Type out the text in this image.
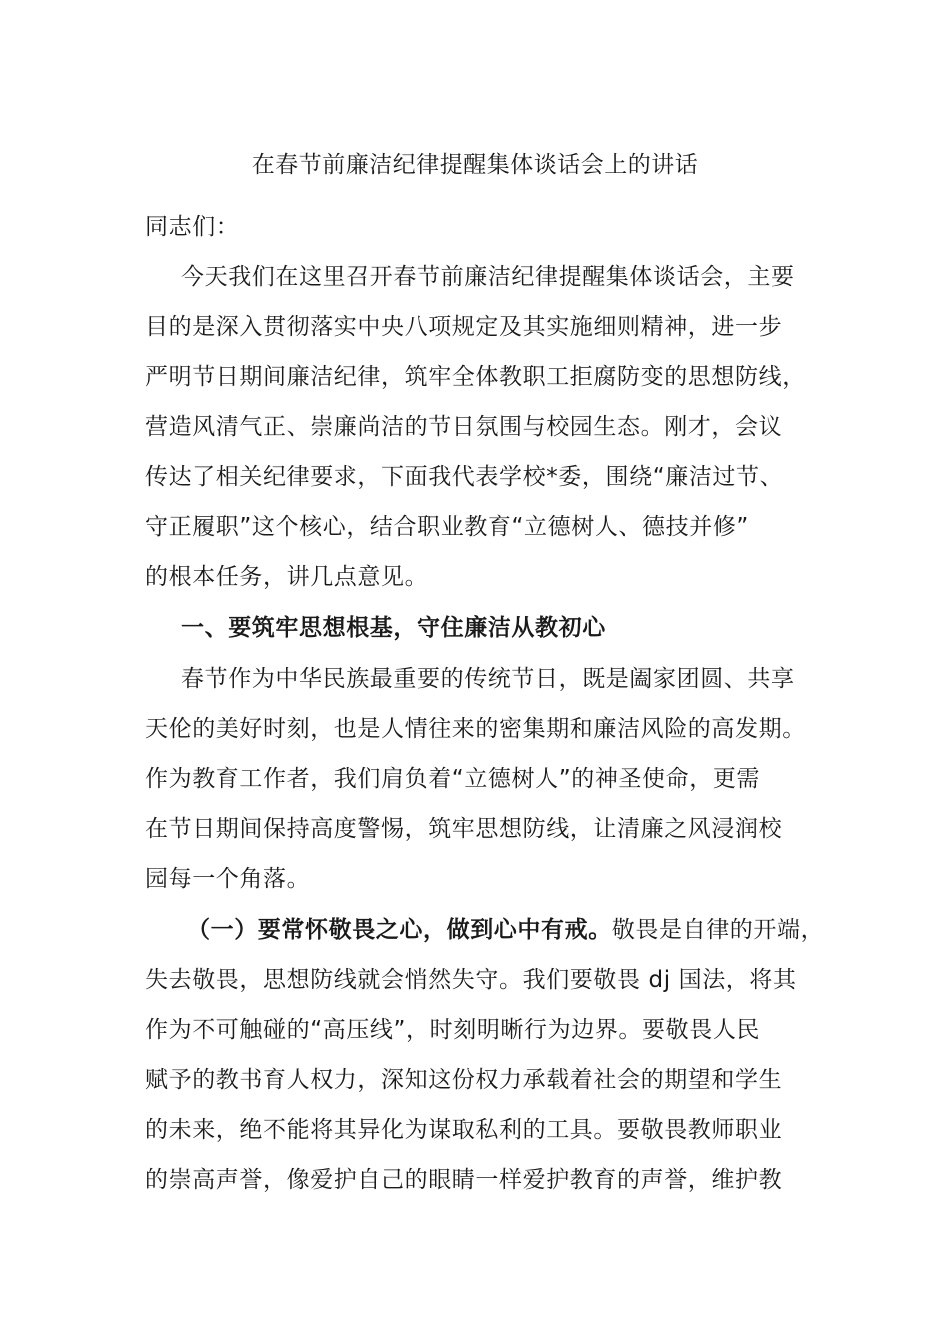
在春节前廉洁纪律提醒集体谈话会上的讲话
同志们：
今天我们在这里召开春节前廉洁纪律提醒集体谈话会，主要
目的是深入贯彻落实中央八项规定及其实施细则精神，进一步
严明节日期间廉洁纪律，筑牢全体教职工拒腐防变的思想防线，
营造风清气正、崇廉尚洁的节日氛围与校园生态。刚才，会议
传达了相关纪律要求，下面我代表学校*委，围绕“廉洁过节、
守正履职”这个核心，结合职业教育“立德树人、德技并修”
的根本任务，讲几点意见。
一、要筑牢思想根基，守住廉洁从教初心
春节作为中华民族最重要的传统节日，既是阖家团圆、共享
天伦的美好时刻，也是人情往来的密集期和廉洁风险的高发期。
作为教育工作者，我们肩负着“立德树人”的神圣使命，更需
在节日期间保持高度警惕，筑牢思想防线，让清廉之风浸润校
园每一个角落。
（一）要常怀敬畏之心，做到心中有戒。敬畏是自律的开端，
失去敬畏，思想防线就会悄然失守。我们要敬畏 dj 国法，将其
作为不可触碰的“高压线”，时刻明晰行为边界。要敬畏人民
赋予的教书育人权力，深知这份权力承载着社会的期望和学生
的未来，绝不能将其异化为谋取私利的工具。要敬畏教师职业
的崇高声誉，像爱护自己的眼睛一样爱护教育的声誉，维护教
